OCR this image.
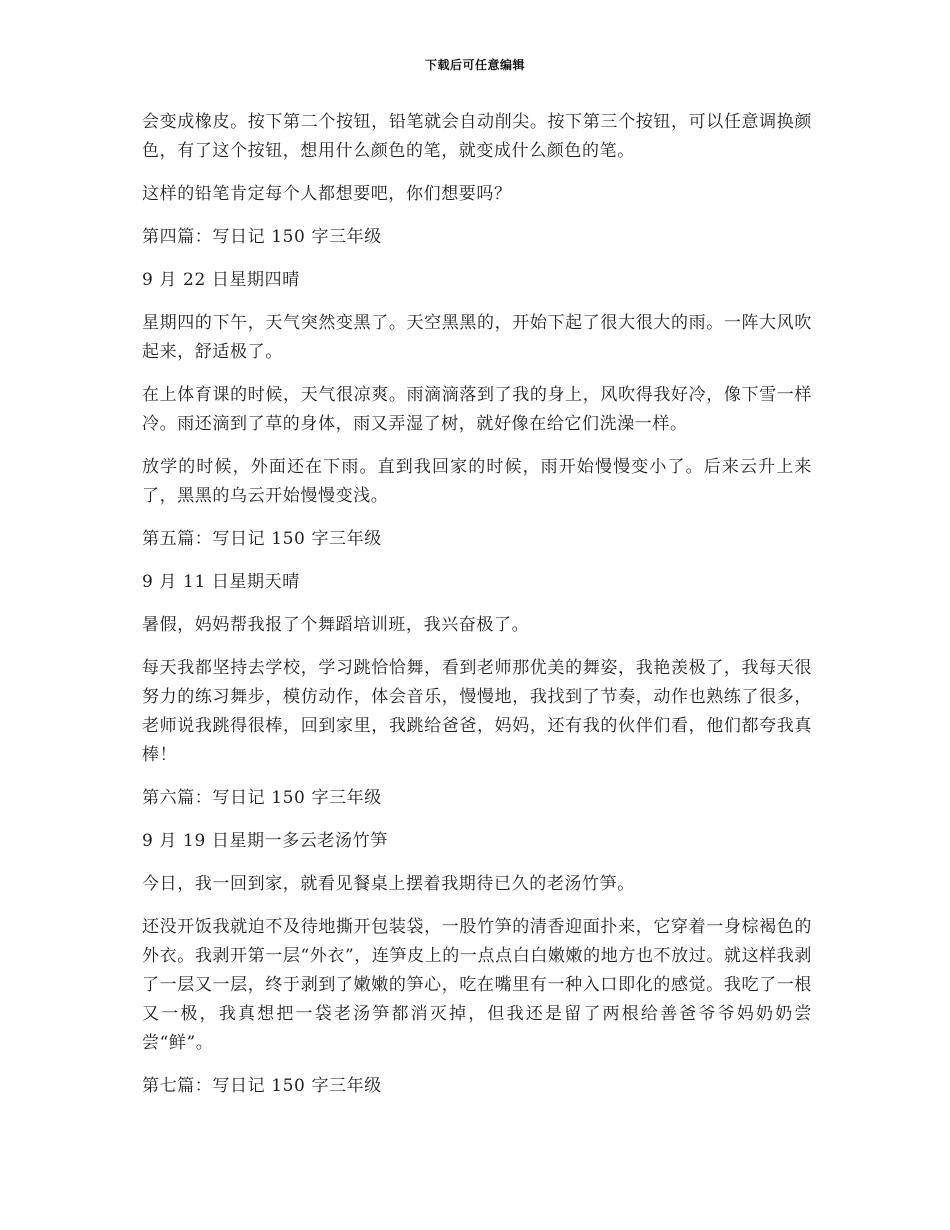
下载后可任意编辑

会变成橡皮。按下第二个按钮，铅笔就会自动削尖。按下第三个按钮，可以任意调换颜色，有了这个按钮，想用什么颜色的笔，就变成什么颜色的笔。

这样的铅笔肯定每个人都想要吧，你们想要吗？

第四篇：写日记 150 字三年级

9 月 22 日星期四晴

星期四的下午，天气突然变黑了。天空黑黑的，开始下起了很大很大的雨。一阵大风吹起来，舒适极了。

在上体育课的时候，天气很凉爽。雨滴滴落到了我的身上，风吹得我好冷，像下雪一样冷。雨还滴到了草的身体，雨又弄湿了树，就好像在给它们洗澡一样。

放学的时候，外面还在下雨。直到我回家的时候，雨开始慢慢变小了。后来云升上来了，黑黑的乌云开始慢慢变浅。

第五篇：写日记 150 字三年级

9 月 11 日星期天晴

暑假，妈妈帮我报了个舞蹈培训班，我兴奋极了。

每天我都坚持去学校，学习跳恰恰舞，看到老师那优美的舞姿，我艳羡极了，我每天很努力的练习舞步，模仿动作，体会音乐，慢慢地，我找到了节奏，动作也熟练了很多，老师说我跳得很棒，回到家里，我跳给爸爸，妈妈，还有我的伙伴们看，他们都夸我真棒！

第六篇：写日记 150 字三年级

9 月 19 日星期一多云老汤竹笋

今日，我一回到家，就看见餐桌上摆着我期待已久的老汤竹笋。

还没开饭我就迫不及待地撕开包装袋，一股竹笋的清香迎面扑来，它穿着一身棕褐色的外衣。我剥开第一层“外衣”，连笋皮上的一点点白白嫩嫩的地方也不放过。就这样我剥了一层又一层，终于剥到了嫩嫩的笋心，吃在嘴里有一种入口即化的感觉。我吃了一根又一极，我真想把一袋老汤笋都消灭掉，但我还是留了两根给善爸爷爷妈奶奶尝尝“鲜”。

第七篇：写日记 150 字三年级
